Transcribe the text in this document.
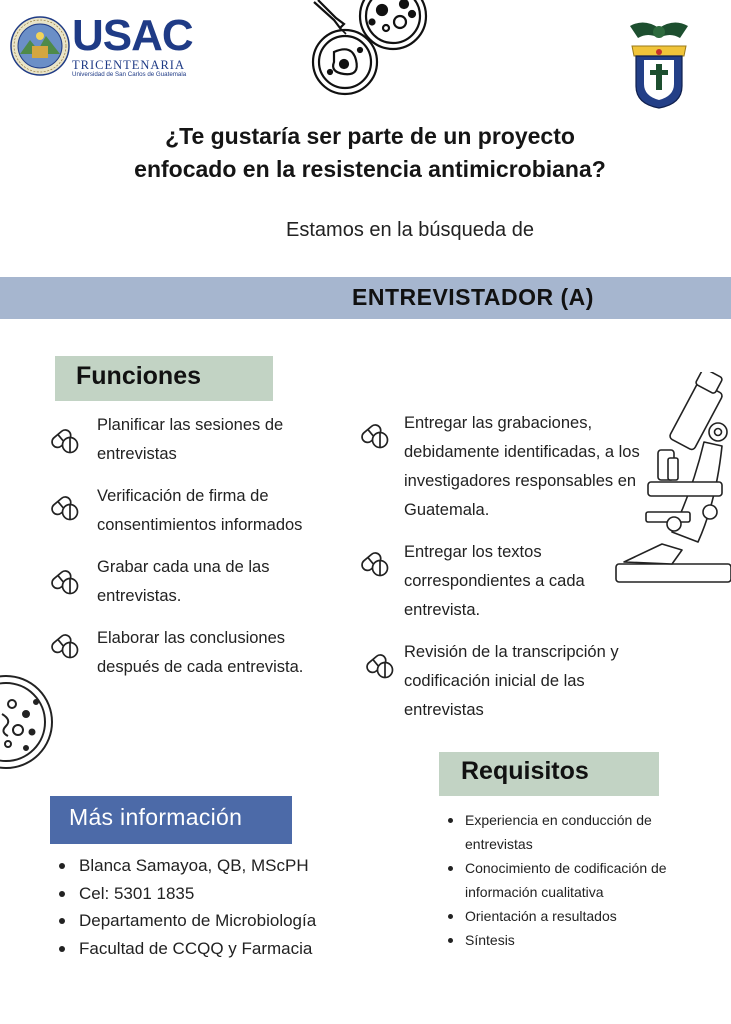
USAC
TRICENTENARIA
Universidad de San Carlos de Guatemala
¿Te gustaría ser parte de un proyecto
enfocado en la resistencia antimicrobiana?
Estamos en la búsqueda de
ENTREVISTADOR (A)
Funciones
Planificar las sesiones de entrevistas
Verificación de firma de consentimientos informados
Grabar cada una de las entrevistas.
Elaborar las conclusiones después de cada entrevista.
Entregar las grabaciones, debidamente identificadas, a los investigadores responsables en Guatemala.
Entregar los textos correspondientes a cada entrevista.
Revisión de la transcripción y codificación inicial de las entrevistas
Más información
Blanca Samayoa, QB, MScPH
Cel: 5301 1835
Departamento de Microbiología
Facultad de CCQQ y Farmacia
Requisitos
Experiencia en conducción de entrevistas
Conocimiento de codificación de información cualitativa
Orientación a resultados
Síntesis
